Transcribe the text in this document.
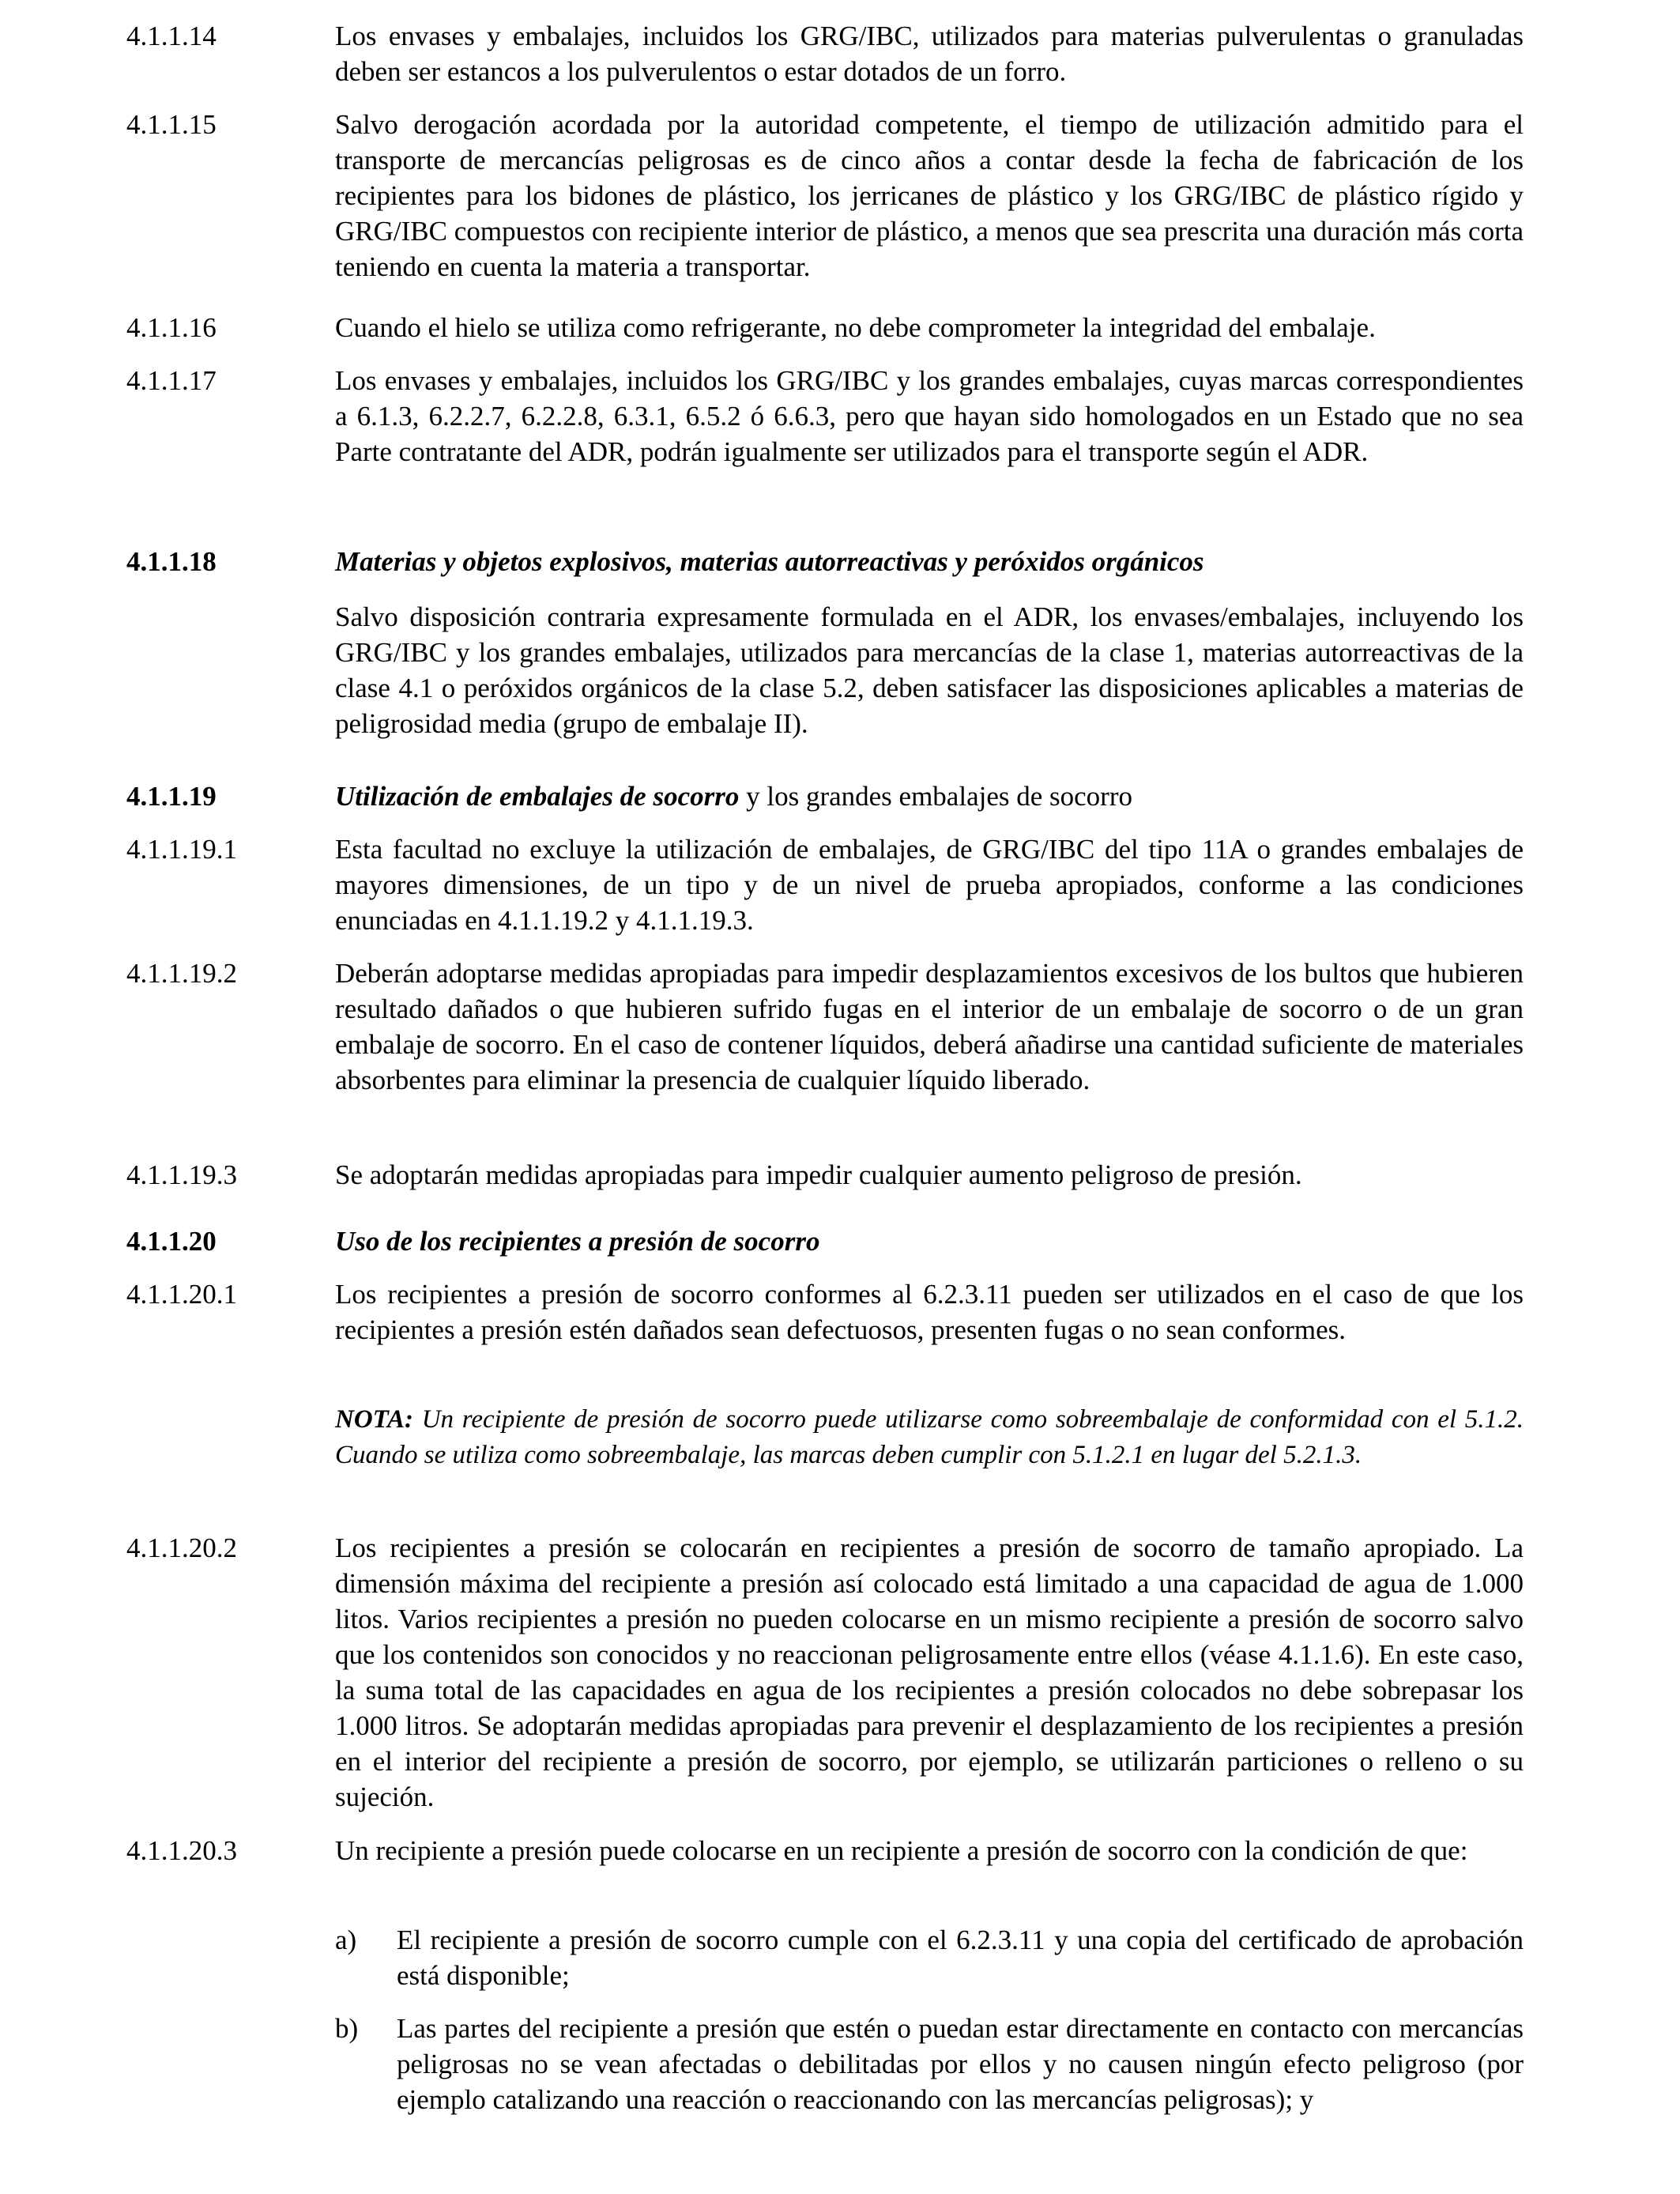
4.1.1.14	Los envases y embalajes, incluidos los GRG/IBC, utilizados para materias pulverulentas o granuladas deben ser estancos a los pulverulentos o estar dotados de un forro.
4.1.1.15	Salvo derogación acordada por la autoridad competente, el tiempo de utilización admitido para el transporte de mercancías peligrosas es de cinco años a contar desde la fecha de fabricación de los recipientes para los bidones de plástico, los jerricanes de plástico y los GRG/IBC de plástico rígido y GRG/IBC compuestos con recipiente interior de plástico, a menos que sea prescrita una duración más corta teniendo en cuenta la materia a transportar.
4.1.1.16	Cuando el hielo se utiliza como refrigerante, no debe comprometer la integridad del embalaje.
4.1.1.17	Los envases y embalajes, incluidos los GRG/IBC y los grandes embalajes, cuyas marcas correspondientes a 6.1.3, 6.2.2.7, 6.2.2.8, 6.3.1, 6.5.2 ó 6.6.3, pero que hayan sido homologados en un Estado que no sea Parte contratante del ADR, podrán igualmente ser utilizados para el transporte según el ADR.
4.1.1.18	Materias y objetos explosivos, materias autorreactivas y peróxidos orgánicos
Salvo disposición contraria expresamente formulada en el ADR, los envases/embalajes, incluyendo los GRG/IBC y los grandes embalajes, utilizados para mercancías de la clase 1, materias autorreactivas de la clase 4.1 o peróxidos orgánicos de la clase 5.2, deben satisfacer las disposiciones aplicables a materias de peligrosidad media (grupo de embalaje II).
4.1.1.19	Utilización de embalajes de socorro y los grandes embalajes de socorro
4.1.1.19.1	Esta facultad no excluye la utilización de embalajes, de GRG/IBC del tipo 11A o grandes embalajes de mayores dimensiones, de un tipo y de un nivel de prueba apropiados, conforme a las condiciones enunciadas en 4.1.1.19.2 y 4.1.1.19.3.
4.1.1.19.2	Deberán adoptarse medidas apropiadas para impedir desplazamientos excesivos de los bultos que hubieren resultado dañados o que hubieren sufrido fugas en el interior de un embalaje de socorro o de un gran embalaje de socorro. En el caso de contener líquidos, deberá añadirse una cantidad suficiente de materiales absorbentes para eliminar la presencia de cualquier líquido liberado.
4.1.1.19.3	Se adoptarán medidas apropiadas para impedir cualquier aumento peligroso de presión.
4.1.1.20	Uso de los recipientes a presión de socorro
4.1.1.20.1	Los recipientes a presión de socorro conformes al 6.2.3.11 pueden ser utilizados en el caso de que los recipientes a presión estén dañados sean defectuosos, presenten fugas o no sean conformes.
NOTA: Un recipiente de presión de socorro puede utilizarse como sobreembalaje de conformidad con el 5.1.2. Cuando se utiliza como sobreembalaje, las marcas deben cumplir con 5.1.2.1 en lugar del 5.2.1.3.
4.1.1.20.2	Los recipientes a presión se colocarán en recipientes a presión de socorro de tamaño apropiado. La dimensión máxima del recipiente a presión así colocado está limitado a una capacidad de agua de 1.000 litos. Varios recipientes a presión no pueden colocarse en un mismo recipiente a presión de socorro salvo que los contenidos son conocidos y no reaccionan peligrosamente entre ellos (véase 4.1.1.6). En este caso, la suma total de las capacidades en agua de los recipientes a presión colocados no debe sobrepasar los 1.000 litros. Se adoptarán medidas apropiadas para prevenir el desplazamiento de los recipientes a presión en el interior del recipiente a presión de socorro, por ejemplo, se utilizarán particiones o relleno o su sujeción.
4.1.1.20.3	Un recipiente a presión puede colocarse en un recipiente a presión de socorro con la condición de que:
a) El recipiente a presión de socorro cumple con el 6.2.3.11 y una copia del certificado de aprobación está disponible;
b) Las partes del recipiente a presión que estén o puedan estar directamente en contacto con mercancías peligrosas no se vean afectadas o debilitadas por ellos y no causen ningún efecto peligroso (por ejemplo catalizando una reacción o reaccionando con las mercancías peligrosas); y
